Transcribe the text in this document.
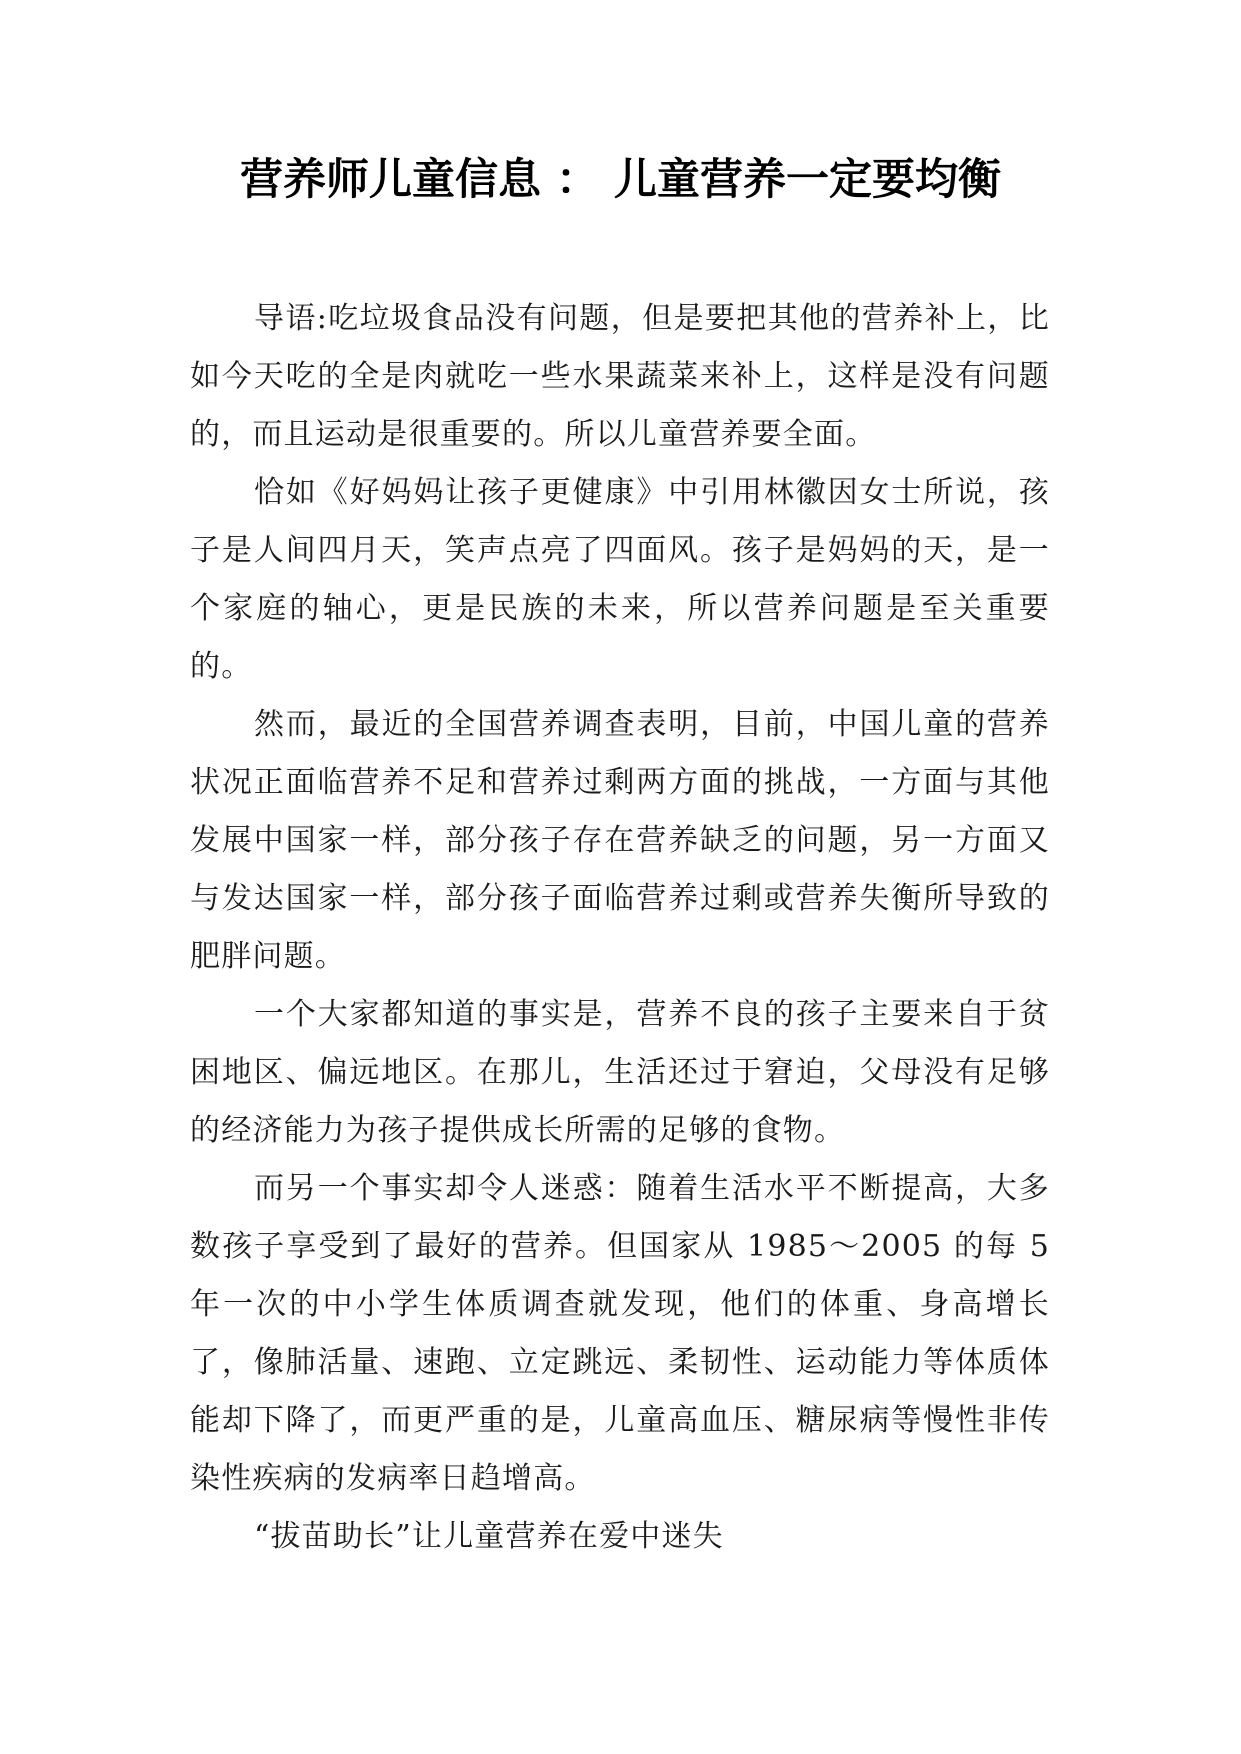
营养师儿童信息 ： 儿童营养一定要均衡

导语:吃垃圾食品没有问题，但是要把其他的营养补上，比如今天吃的全是肉就吃一些水果蔬菜来补上，这样是没有问题的，而且运动是很重要的。所以儿童营养要全面。

恰如《好妈妈让孩子更健康》中引用林徽因女士所说，孩子是人间四月天，笑声点亮了四面风。孩子是妈妈的天，是一个家庭的轴心，更是民族的未来，所以营养问题是至关重要的。

然而，最近的全国营养调查表明，目前，中国儿童的营养状况正面临营养不足和营养过剩两方面的挑战，一方面与其他发展中国家一样，部分孩子存在营养缺乏的问题，另一方面又与发达国家一样，部分孩子面临营养过剩或营养失衡所导致的肥胖问题。

一个大家都知道的事实是，营养不良的孩子主要来自于贫困地区、偏远地区。在那儿，生活还过于窘迫，父母没有足够的经济能力为孩子提供成长所需的足够的食物。

而另一个事实却令人迷惑：随着生活水平不断提高，大多数孩子享受到了最好的营养。但国家从 1985～2005 的每 5 年一次的中小学生体质调查就发现，他们的体重、身高增长了，像肺活量、速跑、立定跳远、柔韧性、运动能力等体质体能却下降了，而更严重的是，儿童高血压、糖尿病等慢性非传染性疾病的发病率日趋增高。

“拔苗助长”让儿童营养在爱中迷失
